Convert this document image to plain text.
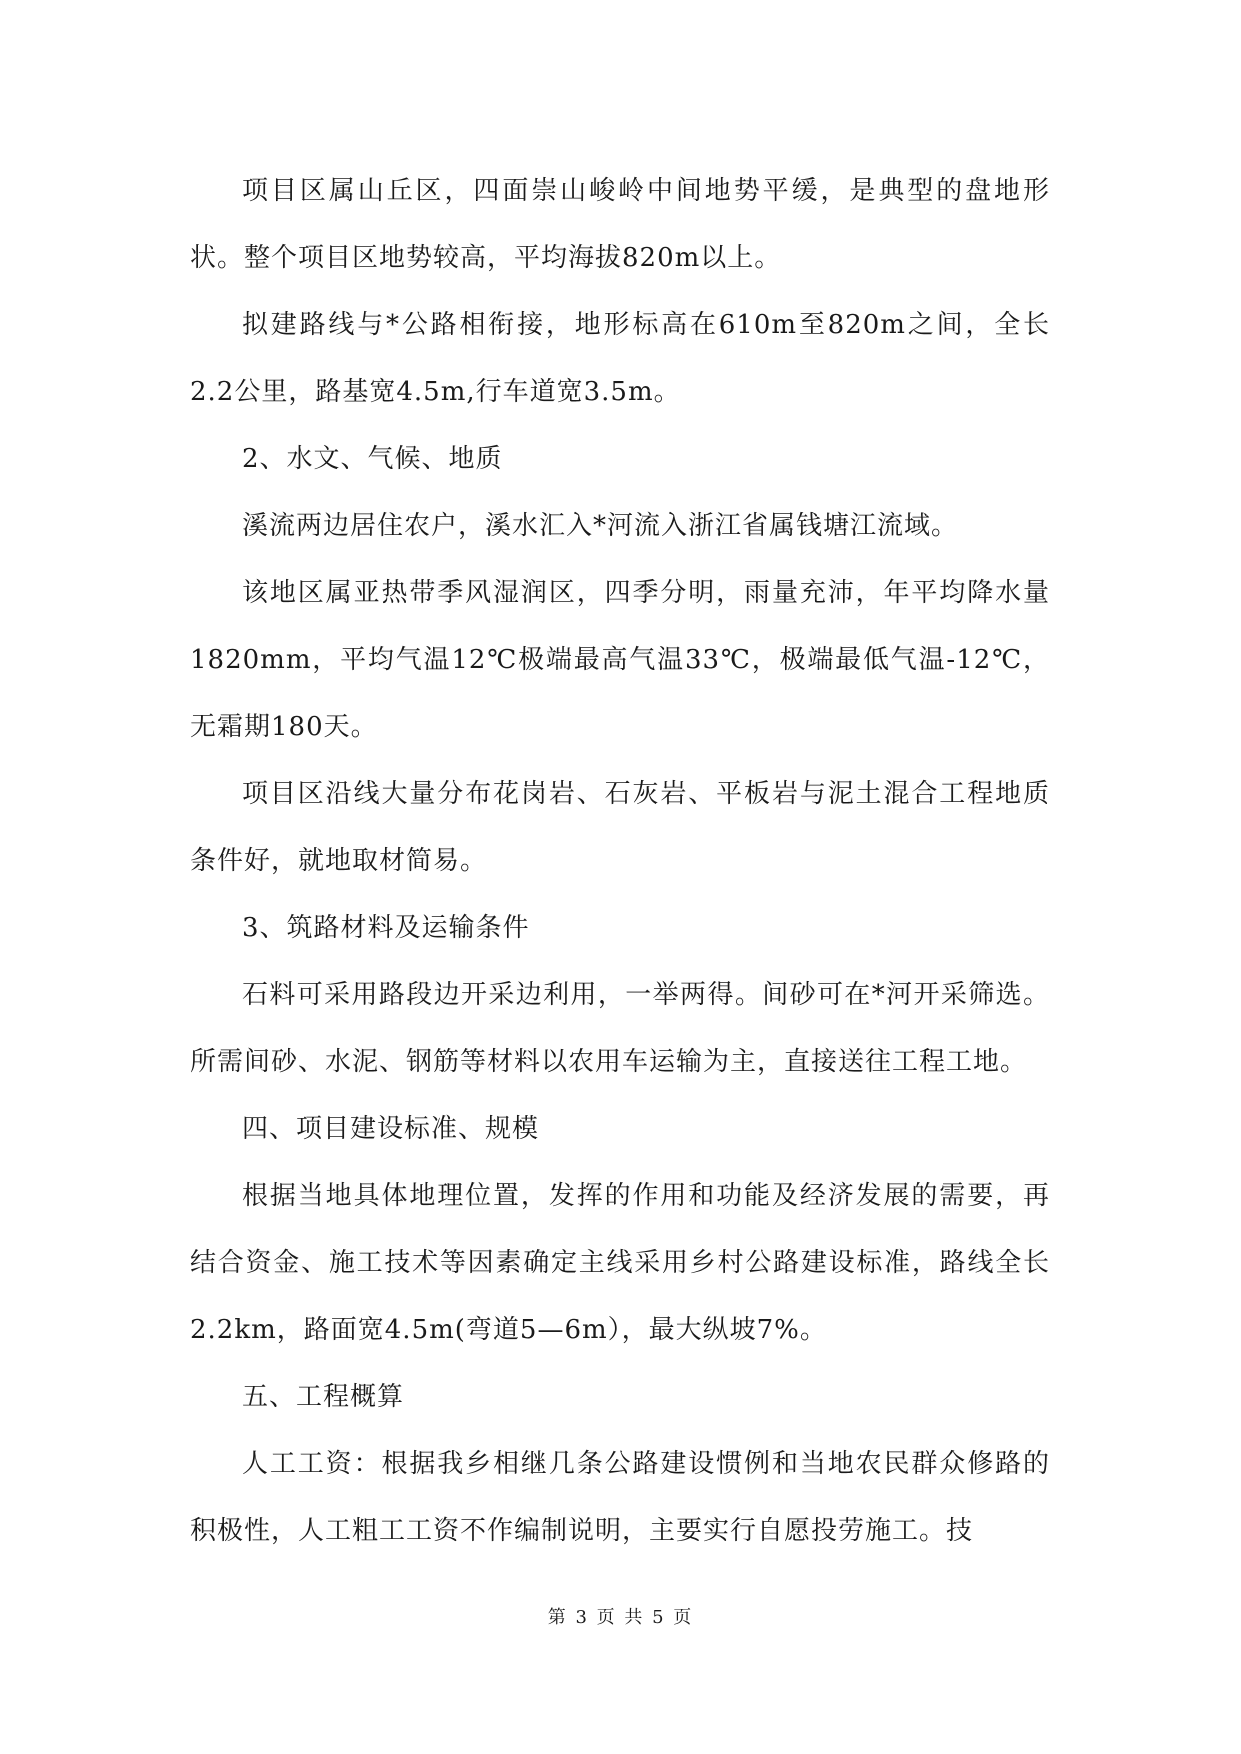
项目区属山丘区，四面崇山峻岭中间地势平缓，是典型的盘地形状。整个项目区地势较高，平均海拔820m以上。

拟建路线与*公路相衔接，地形标高在610m至820m之间，全长2.2公里，路基宽4.5m,行车道宽3.5m。

2、水文、气候、地质

溪流两边居住农户，溪水汇入*河流入浙江省属钱塘江流域。

该地区属亚热带季风湿润区，四季分明，雨量充沛，年平均降水量1820mm，平均气温12℃极端最高气温33℃，极端最低气温-12℃，无霜期180天。

项目区沿线大量分布花岗岩、石灰岩、平板岩与泥土混合工程地质条件好，就地取材简易。

3、筑路材料及运输条件

石料可采用路段边开采边利用，一举两得。间砂可在*河开采筛选。所需间砂、水泥、钢筋等材料以农用车运输为主，直接送往工程工地。

四、项目建设标准、规模

根据当地具体地理位置，发挥的作用和功能及经济发展的需要，再结合资金、施工技术等因素确定主线采用乡村公路建设标准，路线全长2.2km，路面宽4.5m(弯道5—6m），最大纵坡7%。

五、工程概算

人工工资：根据我乡相继几条公路建设惯例和当地农民群众修路的积极性，人工粗工工资不作编制说明，主要实行自愿投劳施工。技

第 3 页 共 5 页
